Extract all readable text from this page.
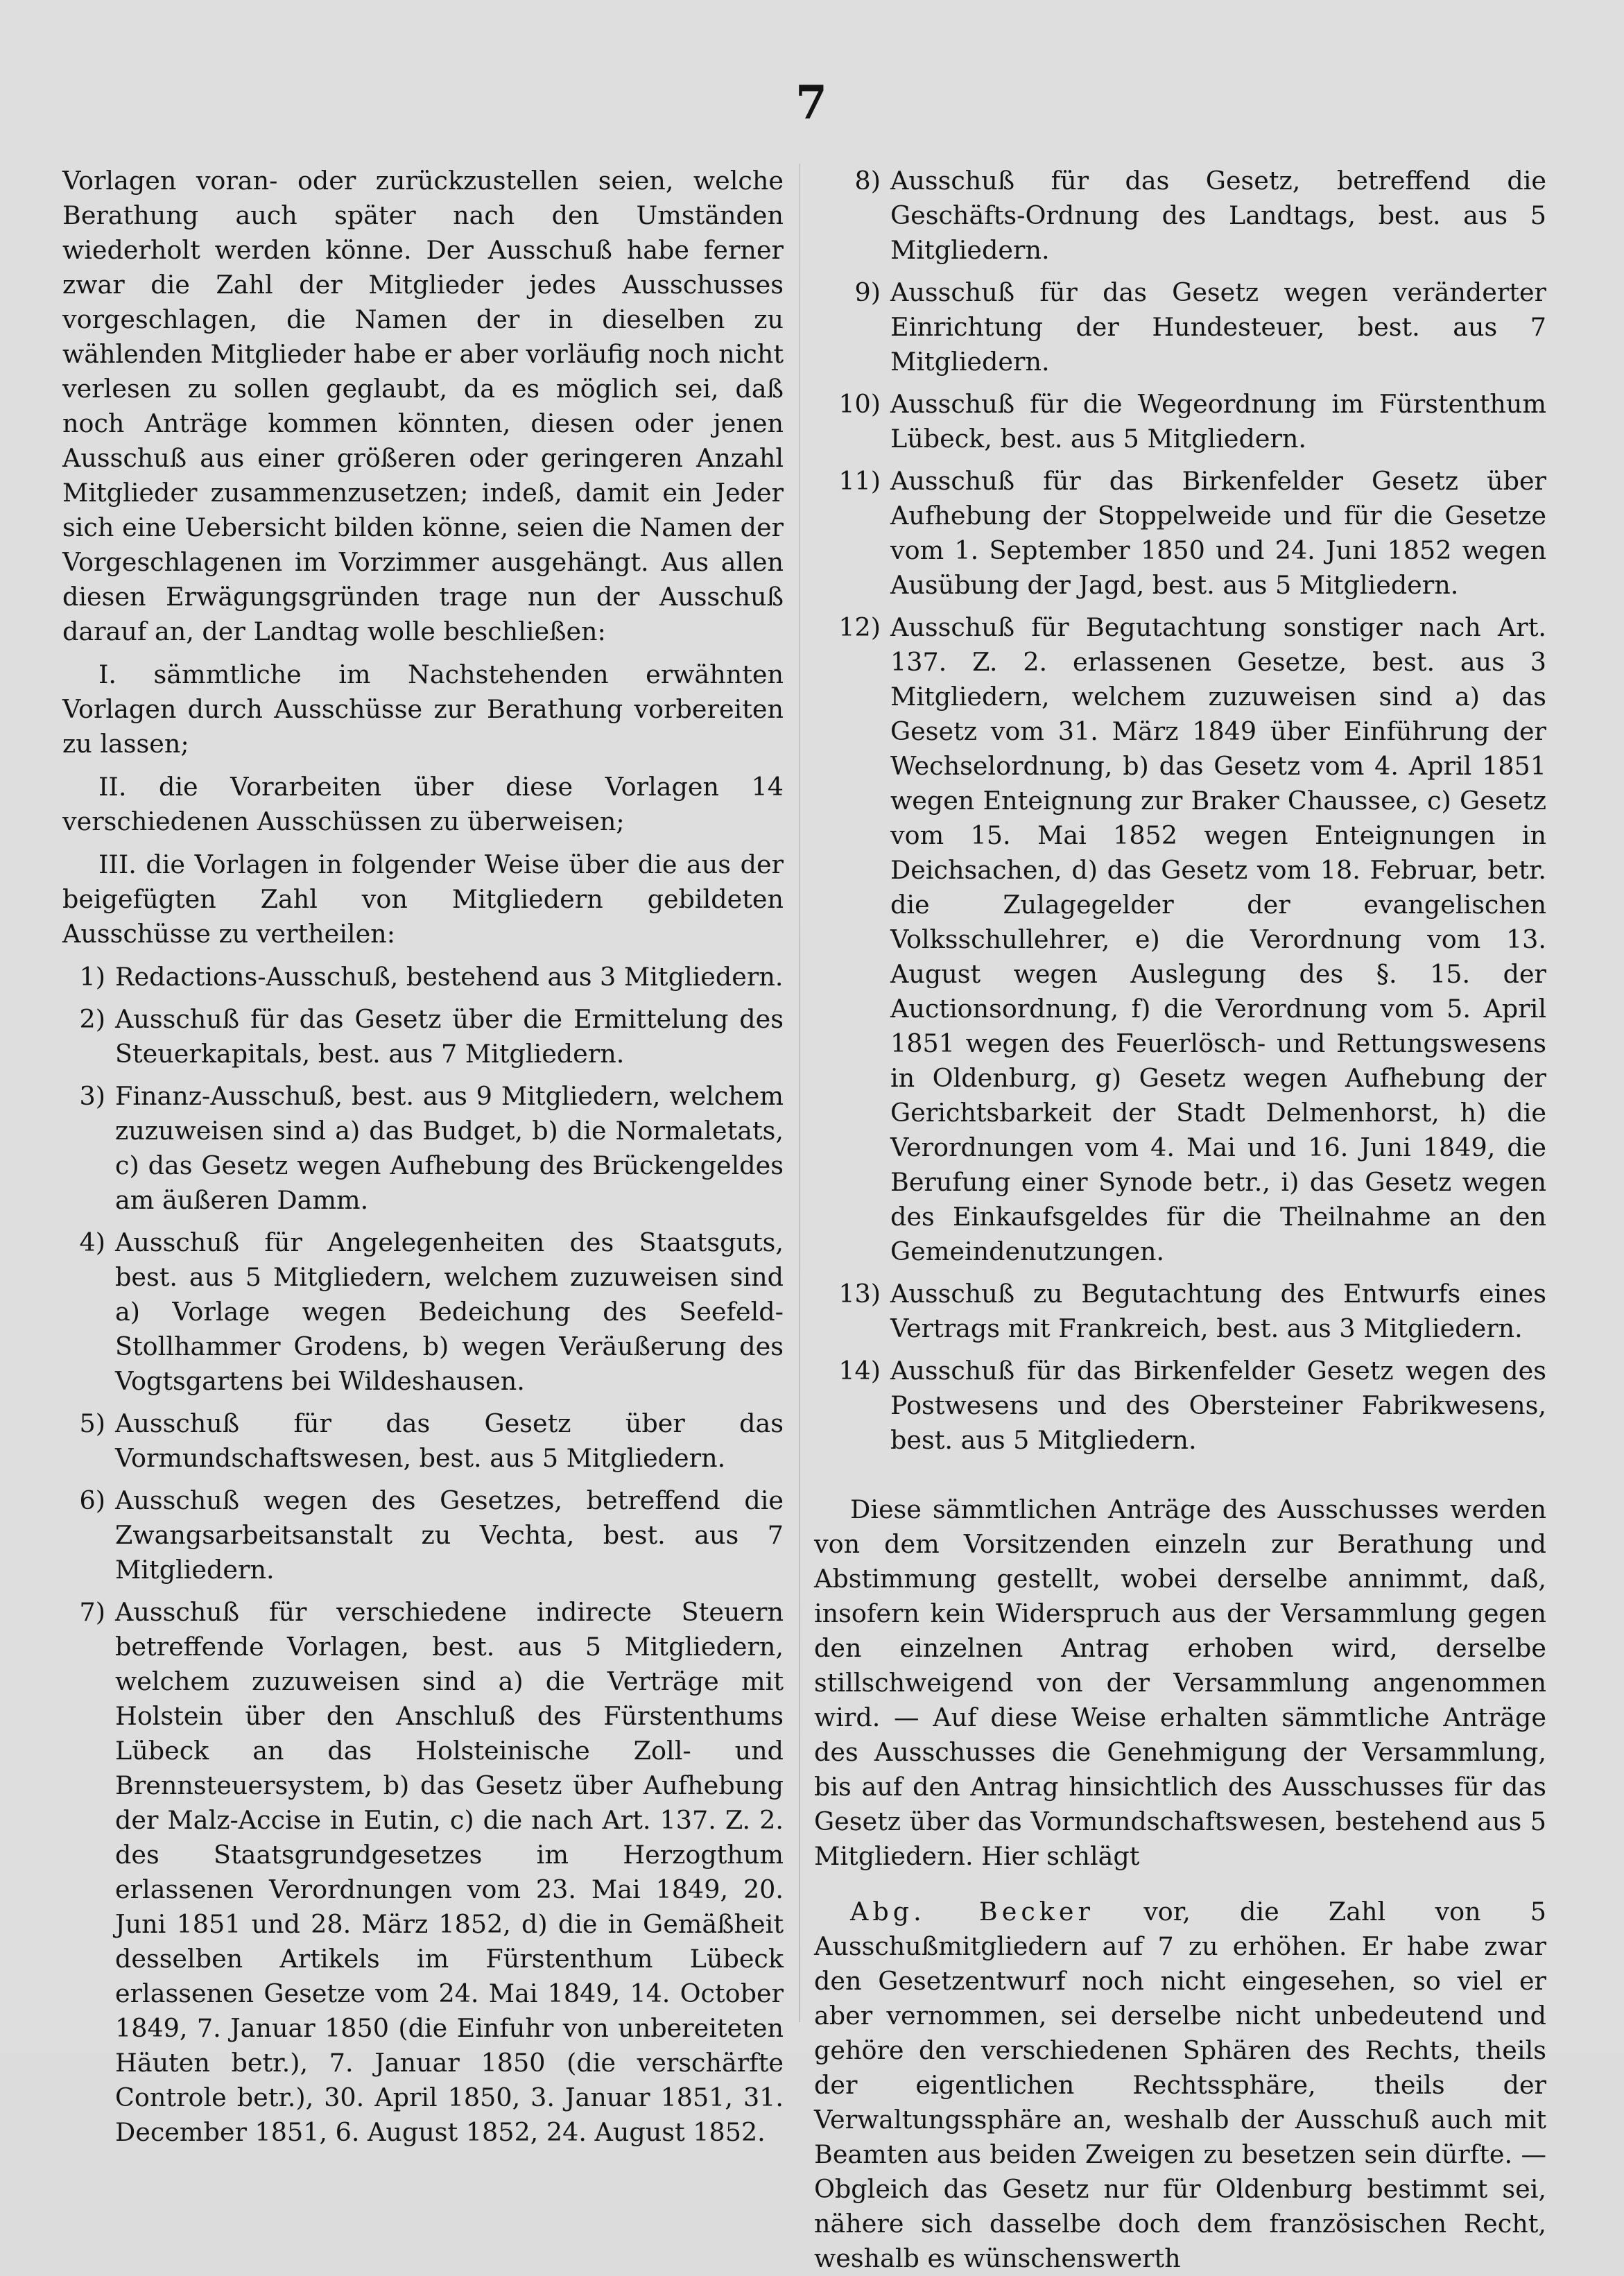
7

Vorlagen voran- oder zurückzustellen seien, welche Berathung auch später nach den Umständen wiederholt werden könne. Der Ausschuß habe ferner zwar die Zahl der Mitglieder jedes Ausschusses vorgeschlagen, die Namen der in dieselben zu wählenden Mitglieder habe er aber vorläufig noch nicht verlesen zu sollen geglaubt, da es möglich sei, daß noch Anträge kommen könnten, diesen oder jenen Ausschuß aus einer größeren oder geringeren Anzahl Mitglieder zusammenzusetzen; indeß, damit ein Jeder sich eine Uebersicht bilden könne, seien die Namen der Vorgeschlagenen im Vorzimmer ausgehängt. Aus allen diesen Erwägungsgründen trage nun der Ausschuß darauf an, der Landtag wolle beschließen:

I. sämmtliche im Nachstehenden erwähnten Vorlagen durch Ausschüsse zur Berathung vorbereiten zu lassen;

II. die Vorarbeiten über diese Vorlagen 14 verschiedenen Ausschüssen zu überweisen;

III. die Vorlagen in folgender Weise über die aus der beigefügten Zahl von Mitgliedern gebildeten Ausschüsse zu vertheilen:

1) Redactions-Ausschuß, bestehend aus 3 Mitgliedern.
2) Ausschuß für das Gesetz über die Ermittelung des Steuerkapitals, best. aus 7 Mitgliedern.
3) Finanz-Ausschuß, best. aus 9 Mitgliedern, welchem zuzuweisen sind a) das Budget, b) die Normaletats, c) das Gesetz wegen Aufhebung des Brückengeldes am äußeren Damm.
4) Ausschuß für Angelegenheiten des Staatsguts, best. aus 5 Mitgliedern, welchem zuzuweisen sind a) Vorlage wegen Bedeichung des Seefeld-Stollhammer Grodens, b) wegen Veräußerung des Vogtsgartens bei Wildeshausen.
5) Ausschuß für das Gesetz über das Vormundschaftswesen, best. aus 5 Mitgliedern.
6) Ausschuß wegen des Gesetzes, betreffend die Zwangsarbeitsanstalt zu Vechta, best. aus 7 Mitgliedern.
7) Ausschuß für verschiedene indirecte Steuern betreffende Vorlagen, best. aus 5 Mitgliedern, welchem zuzuweisen sind a) die Verträge mit Holstein über den Anschluß des Fürstenthums Lübeck an das Holsteinische Zoll- und Brennsteuersystem, b) das Gesetz über Aufhebung der Malz-Accise in Eutin, c) die nach Art. 137. Z. 2. des Staatsgrundgesetzes im Herzogthum erlassenen Verordnungen vom 23. Mai 1849, 20. Juni 1851 und 28. März 1852, d) die in Gemäßheit desselben Artikels im Fürstenthum Lübeck erlassenen Gesetze vom 24. Mai 1849, 14. October 1849, 7. Januar 1850 (die Einfuhr von unbereiteten Häuten betr.), 7. Januar 1850 (die verschärfte Controle betr.), 30. April 1850, 3. Januar 1851, 31. December 1851, 6. August 1852, 24. August 1852.
8) Ausschuß für das Gesetz, betreffend die Geschäfts-Ordnung des Landtags, best. aus 5 Mitgliedern.
9) Ausschuß für das Gesetz wegen veränderter Einrichtung der Hundesteuer, best. aus 7 Mitgliedern.
10) Ausschuß für die Wegeordnung im Fürstenthum Lübeck, best. aus 5 Mitgliedern.
11) Ausschuß für das Birkenfelder Gesetz über Aufhebung der Stoppelweide und für die Gesetze vom 1. September 1850 und 24. Juni 1852 wegen Ausübung der Jagd, best. aus 5 Mitgliedern.
12) Ausschuß für Begutachtung sonstiger nach Art. 137. Z. 2. erlassenen Gesetze, best. aus 3 Mitgliedern, welchem zuzuweisen sind a) das Gesetz vom 31. März 1849 über Einführung der Wechselordnung, b) das Gesetz vom 4. April 1851 wegen Enteignung zur Braker Chaussee, c) Gesetz vom 15. Mai 1852 wegen Enteignungen in Deichsachen, d) das Gesetz vom 18. Februar, betr. die Zulagegelder der evangelischen Volksschullehrer, e) die Verordnung vom 13. August wegen Auslegung des §. 15. der Auctionsordnung, f) die Verordnung vom 5. April 1851 wegen des Feuerlösch- und Rettungswesens in Oldenburg, g) Gesetz wegen Aufhebung der Gerichtsbarkeit der Stadt Delmenhorst, h) die Verordnungen vom 4. Mai und 16. Juni 1849, die Berufung einer Synode betr., i) das Gesetz wegen des Einkaufsgeldes für die Theilnahme an den Gemeindenutzungen.
13) Ausschuß zu Begutachtung des Entwurfs eines Vertrags mit Frankreich, best. aus 3 Mitgliedern.
14) Ausschuß für das Birkenfelder Gesetz wegen des Postwesens und des Obersteiner Fabrikwesens, best. aus 5 Mitgliedern.

Diese sämmtlichen Anträge des Ausschusses werden von dem Vorsitzenden einzeln zur Berathung und Abstimmung gestellt, wobei derselbe annimmt, daß, insofern kein Widerspruch aus der Versammlung gegen den einzelnen Antrag erhoben wird, derselbe stillschweigend von der Versammlung angenommen wird. — Auf diese Weise erhalten sämmtliche Anträge des Ausschusses die Genehmigung der Versammlung, bis auf den Antrag hinsichtlich des Ausschusses für das Gesetz über das Vormundschaftswesen, bestehend aus 5 Mitgliedern. Hier schlägt

Abg. Becker vor, die Zahl von 5 Ausschußmitgliedern auf 7 zu erhöhen. Er habe zwar den Gesetzentwurf noch nicht eingesehen, so viel er aber vernommen, sei derselbe nicht unbedeutend und gehöre den verschiedenen Sphären des Rechts, theils der eigentlichen Rechtssphäre, theils der Verwaltungssphäre an, weshalb der Ausschuß auch mit Beamten aus beiden Zweigen zu besetzen sein dürfte. — Obgleich das Gesetz nur für Oldenburg bestimmt sei, nähere sich dasselbe doch dem französischen Recht, weshalb es wünschenswerth
